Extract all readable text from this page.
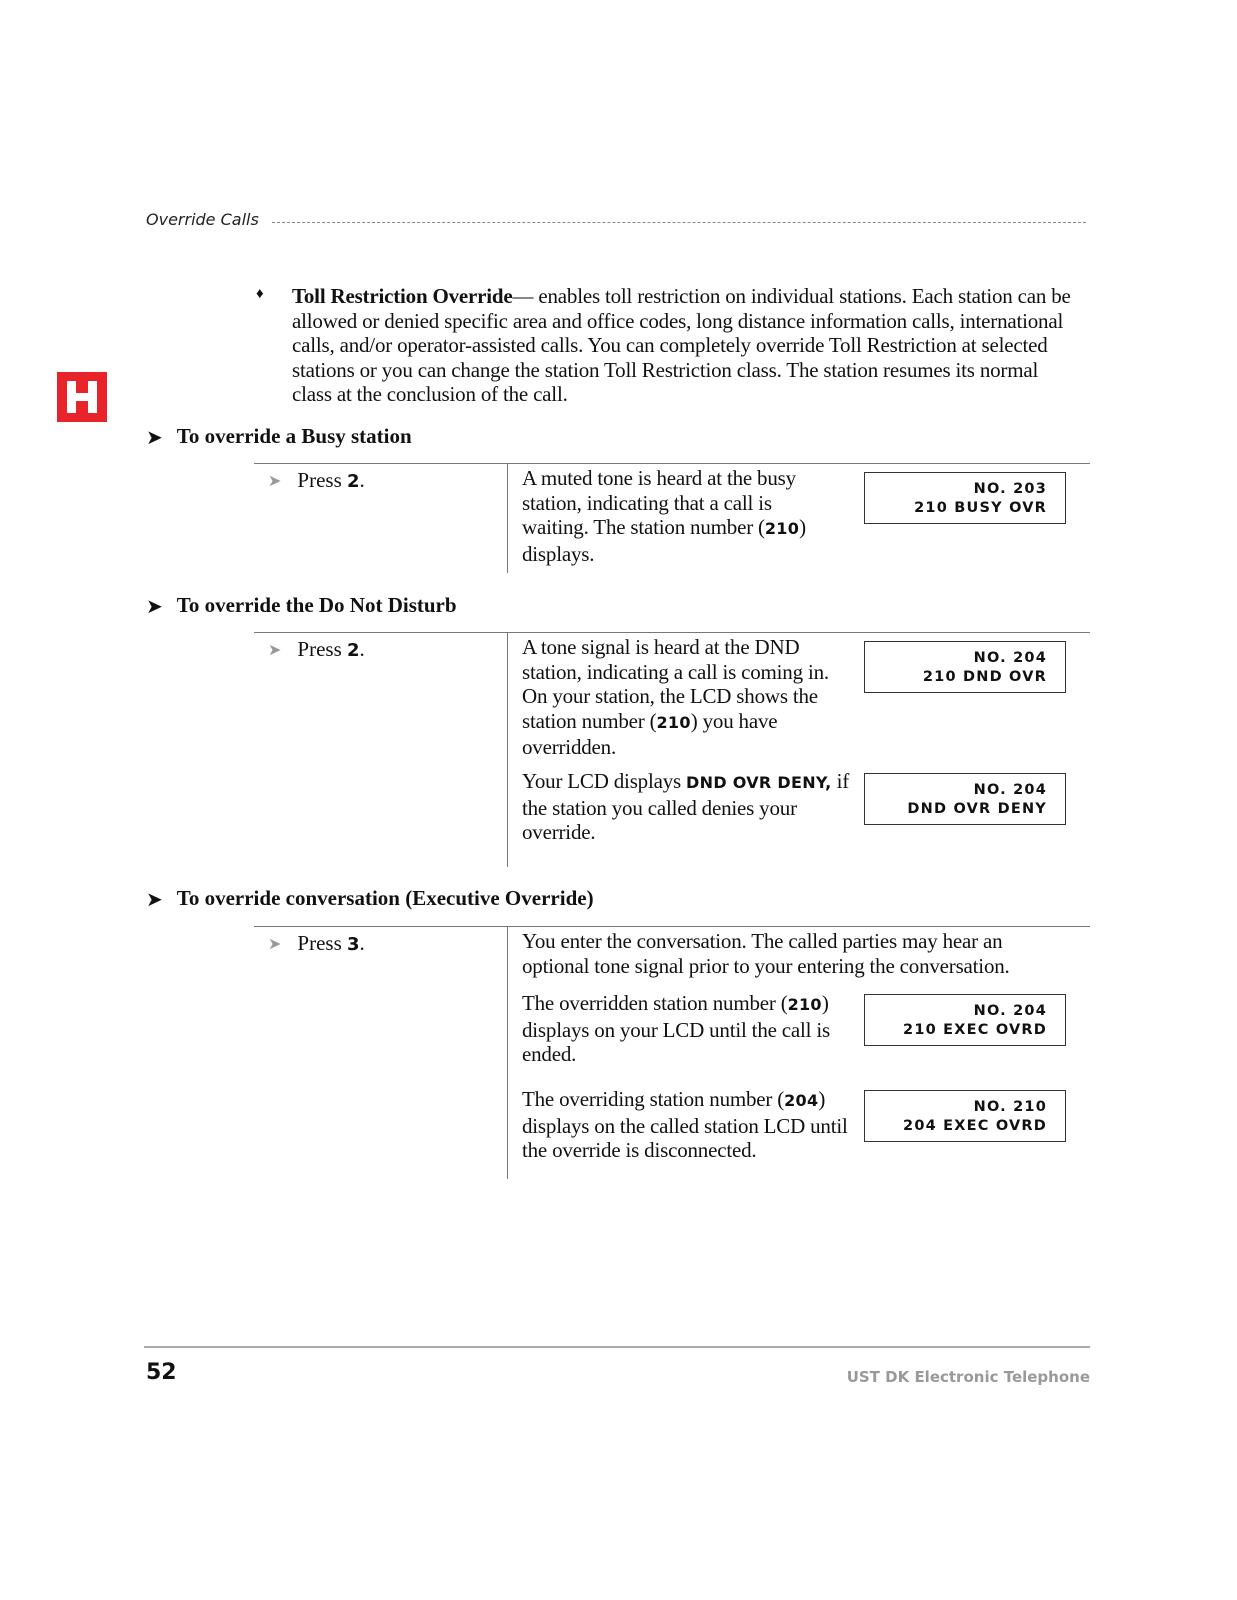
Override Calls
♦ Toll Restriction Override— enables toll restriction on individual stations. Each station can be allowed or denied specific area and office codes, long distance information calls, international calls, and/or operator-assisted calls. You can completely override Toll Restriction at selected stations or you can change the station Toll Restriction class. The station resumes its normal class at the conclusion of the call.

➤ To override a Busy station
➤ Press 2.	A muted tone is heard at the busy station, indicating that a call is waiting. The station number (210) displays.

NO. 203
210 BUSY OVR
➤ To override the Do Not Disturb
➤ Press 2.	A tone signal is heard at the DND station, indicating a call is coming in. On your station, the LCD shows the station number (210) you have overridden.

NO. 204
210 DND OVR

Your LCD displays DND OVR DENY, if the station you called denies your override.

NO. 204
DND OVR DENY
➤ To override conversation (Executive Override)
➤ Press 3.	You enter the conversation. The called parties may hear an optional tone signal prior to your entering the conversation.

The overridden station number (210) displays on your LCD until the call is ended.

NO. 204
210 EXEC OVRD

The overriding station number (204) displays on the called station LCD until the override is disconnected.

NO. 210
204 EXEC OVRD
52	UST DK Electronic Telephone
